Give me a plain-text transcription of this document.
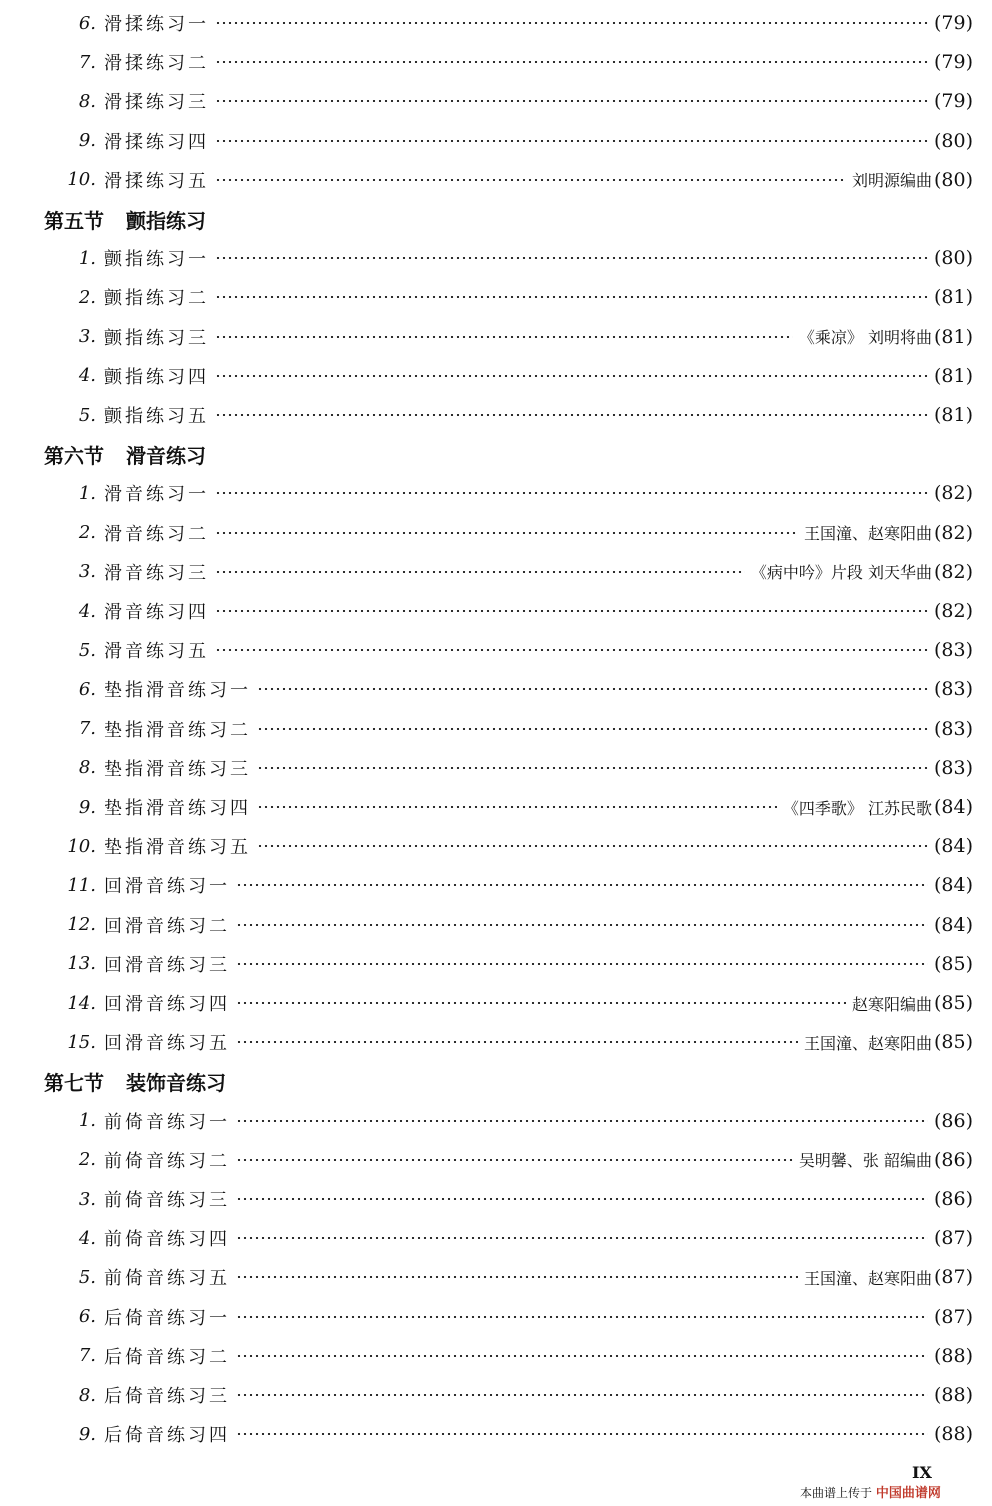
6. 滑揉练习一	(79)
7. 滑揉练习二	(79)
8. 滑揉练习三	(79)
9. 滑揉练习四	(80)
10. 滑揉练习五	刘明源编曲 (80)
第五节 颤指练习
1. 颤指练习一	(80)
2. 颤指练习二	(81)
3. 颤指练习三	《乘凉》 刘明将曲 (81)
4. 颤指练习四	(81)
5. 颤指练习五	(81)
第六节 滑音练习
1. 滑音练习一	(82)
2. 滑音练习二	王国潼、赵寒阳曲 (82)
3. 滑音练习三	《病中吟》片段 刘天华曲 (82)
4. 滑音练习四	(82)
5. 滑音练习五	(83)
6. 垫指滑音练习一	(83)
7. 垫指滑音练习二	(83)
8. 垫指滑音练习三	(83)
9. 垫指滑音练习四	《四季歌》 江苏民歌 (84)
10. 垫指滑音练习五	(84)
11. 回滑音练习一	(84)
12. 回滑音练习二	(84)
13. 回滑音练习三	(85)
14. 回滑音练习四	赵寒阳编曲 (85)
15. 回滑音练习五	王国潼、赵寒阳曲 (85)
第七节 装饰音练习
1. 前倚音练习一	(86)
2. 前倚音练习二	吴明馨、张 韶编曲 (86)
3. 前倚音练习三	(86)
4. 前倚音练习四	(87)
5. 前倚音练习五	王国潼、赵寒阳曲 (87)
6. 后倚音练习一	(87)
7. 后倚音练习二	(88)
8. 后倚音练习三	(88)
9. 后倚音练习四	(88)
IX
本曲谱上传于 中国曲谱网
